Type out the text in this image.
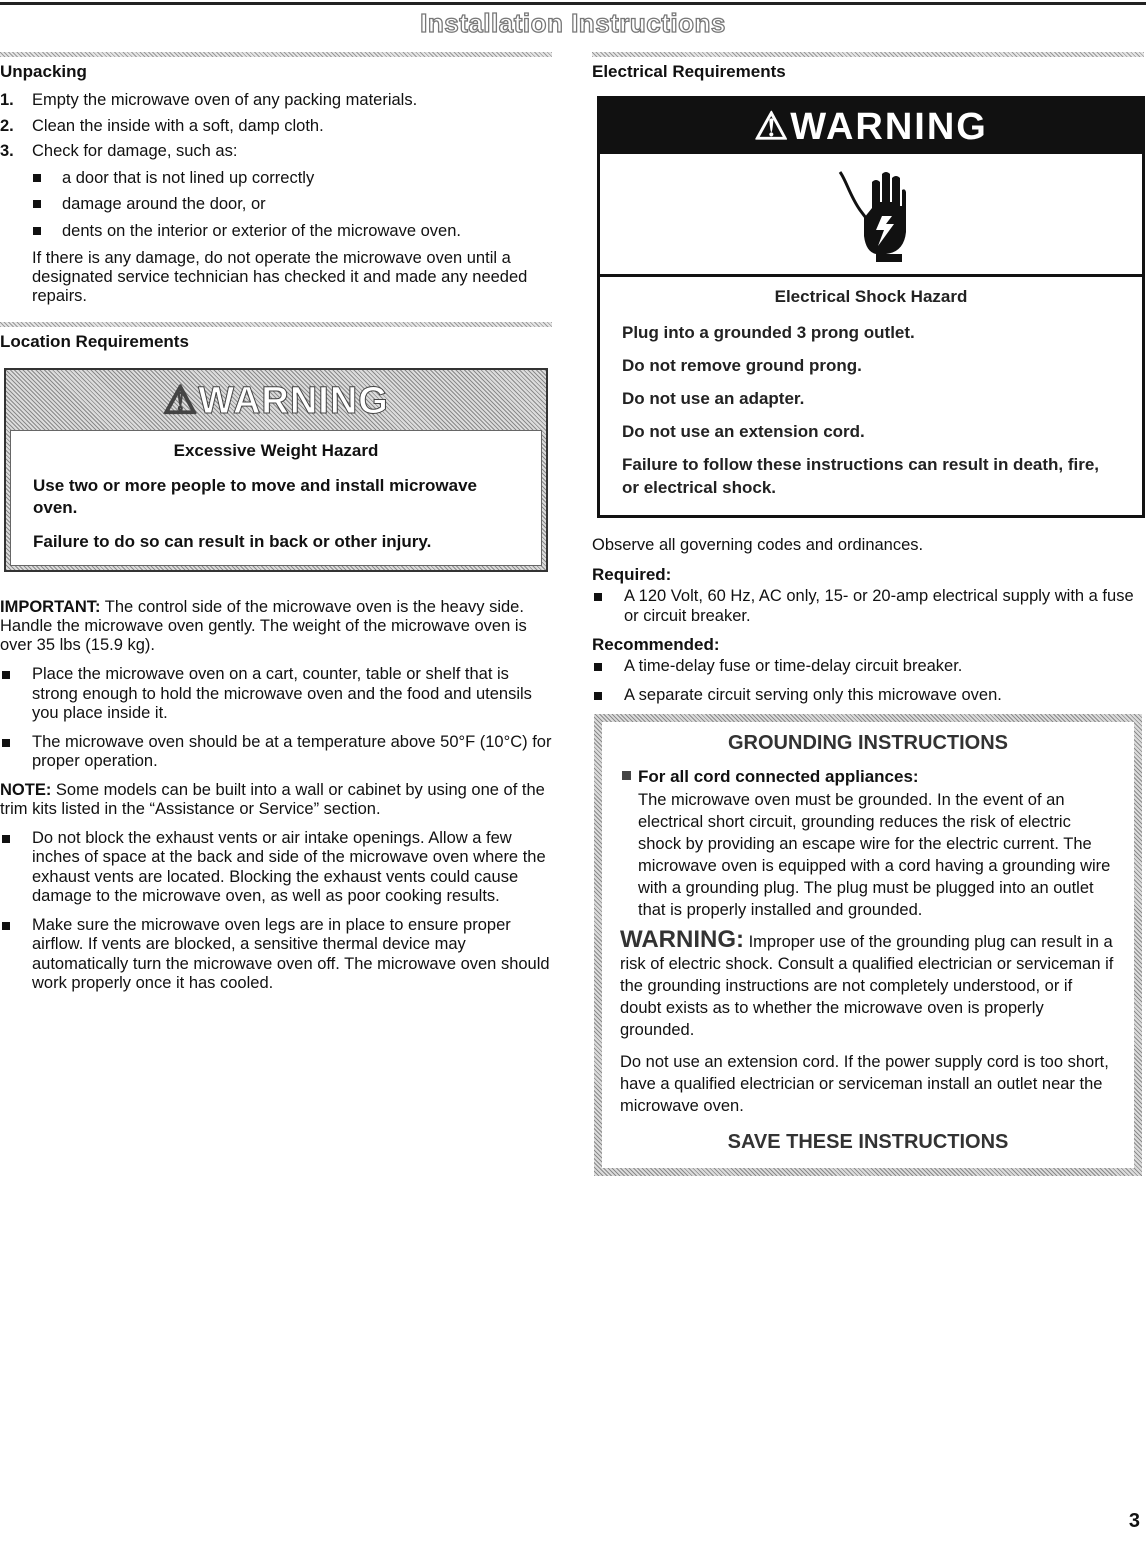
Installation Instructions
Unpacking
1. Empty the microwave oven of any packing materials.
2. Clean the inside with a soft, damp cloth.
3. Check for damage, such as:
a door that is not lined up correctly
damage around the door, or
dents on the interior or exterior of the microwave oven.

If there is any damage, do not operate the microwave oven until a designated service technician has checked it and made any needed repairs.

Location Requirements
⚠WARNING
Excessive Weight Hazard
Use two or more people to move and install microwave oven.
Failure to do so can result in back or other injury.

IMPORTANT: The control side of the microwave oven is the heavy side. Handle the microwave oven gently. The weight of the microwave oven is over 35 lbs (15.9 kg).

Place the microwave oven on a cart, counter, table or shelf that is strong enough to hold the microwave oven and the food and utensils you place inside it.
The microwave oven should be at a temperature above 50°F (10°C) for proper operation.

NOTE: Some models can be built into a wall or cabinet by using one of the trim kits listed in the “Assistance or Service” section.

Do not block the exhaust vents or air intake openings. Allow a few inches of space at the back and side of the microwave oven where the exhaust vents are located. Blocking the exhaust vents could cause damage to the microwave oven, as well as poor cooking results.
Make sure the microwave oven legs are in place to ensure proper airflow. If vents are blocked, a sensitive thermal device may automatically turn the microwave oven off. The microwave oven should work properly once it has cooled.
Electrical Requirements
⚠WARNING
Electrical Shock Hazard
Plug into a grounded 3 prong outlet.
Do not remove ground prong.
Do not use an adapter.
Do not use an extension cord.
Failure to follow these instructions can result in death, fire, or electrical shock.

Observe all governing codes and ordinances.

Required:
A 120 Volt, 60 Hz, AC only, 15- or 20-amp electrical supply with a fuse or circuit breaker.
Recommended:
A time-delay fuse or time-delay circuit breaker.
A separate circuit serving only this microwave oven.
GROUNDING INSTRUCTIONS
For all cord connected appliances:
The microwave oven must be grounded. In the event of an electrical short circuit, grounding reduces the risk of electric shock by providing an escape wire for the electric current. The microwave oven is equipped with a cord having a grounding wire with a grounding plug. The plug must be plugged into an outlet that is properly installed and grounded.
WARNING: Improper use of the grounding plug can result in a risk of electric shock. Consult a qualified electrician or serviceman if the grounding instructions are not completely understood, or if doubt exists as to whether the microwave oven is properly grounded.
Do not use an extension cord. If the power supply cord is too short, have a qualified electrician or serviceman install an outlet near the microwave oven.
SAVE THESE INSTRUCTIONS
3
